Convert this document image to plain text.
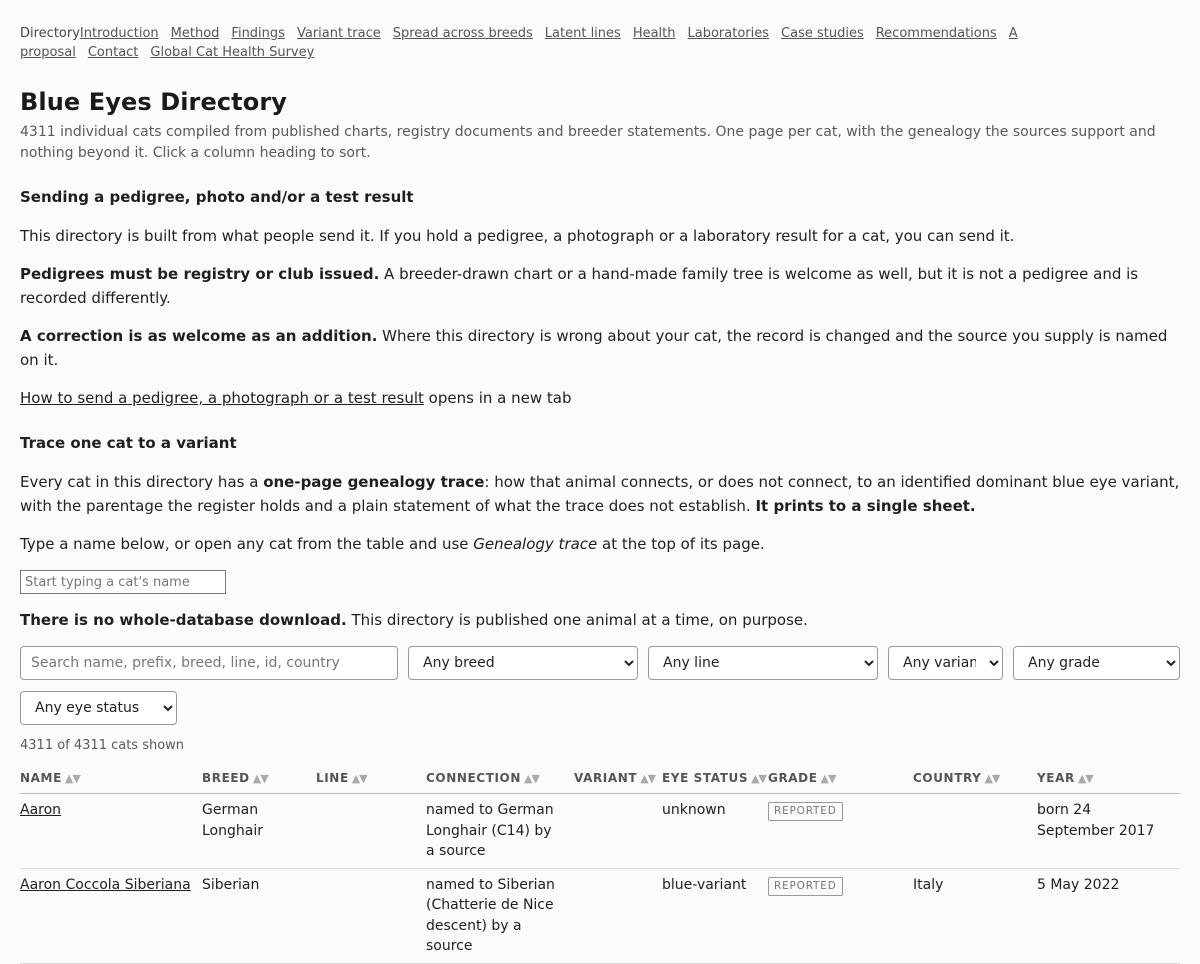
DirectoryIntroduction Method Findings Variant trace Spread across breeds Latent lines Health Laboratories Case studies Recommendations A proposal Contact Global Cat Health Survey
Blue Eyes Directory

4311 individual cats compiled from published charts, registry documents and breeder statements. One page per cat, with the genealogy the sources support and nothing beyond it. Click a column heading to sort.

Sending a pedigree, photo and/or a test result

This directory is built from what people send it. If you hold a pedigree, a photograph or a laboratory result for a cat, you can send it.

Pedigrees must be registry or club issued. A breeder-drawn chart or a hand-made family tree is welcome as well, but it is not a pedigree and is recorded differently.

A correction is as welcome as an addition. Where this directory is wrong about your cat, the record is changed and the source you supply is named on it.

How to send a pedigree, a photograph or a test result opens in a new tab

Trace one cat to a variant

Every cat in this directory has a one-page genealogy trace: how that animal connects, or does not connect, to an identified dominant blue eye variant, with the parentage the register holds and a plain statement of what the trace does not establish. It prints to a single sheet.

Type a name below, or open any cat from the table and use Genealogy trace at the top of its page.

Start typing a cat's name

There is no whole-database download. This directory is published one animal at a time, on purpose.

Search name, prefix, breed, line, id, country
Any breed
Any line
Any variant
Any grade
Any eye status
4311 of 4311 cats shown
NAME ▲▼	BREED ▲▼	LINE ▲▼	CONNECTION ▲▼	VARIANT ▲▼	EYE STATUS ▲▼	GRADE ▲▼	COUNTRY ▲▼	YEAR ▲▼
Aaron	German Longhair		named to German Longhair (C14) by a source		unknown	REPORTED		born 24 September 2017
Aaron Coccola Siberiana	Siberian		named to Siberian (Chatterie de Nice descent) by a source		blue-variant	REPORTED	Italy	5 May 2022
